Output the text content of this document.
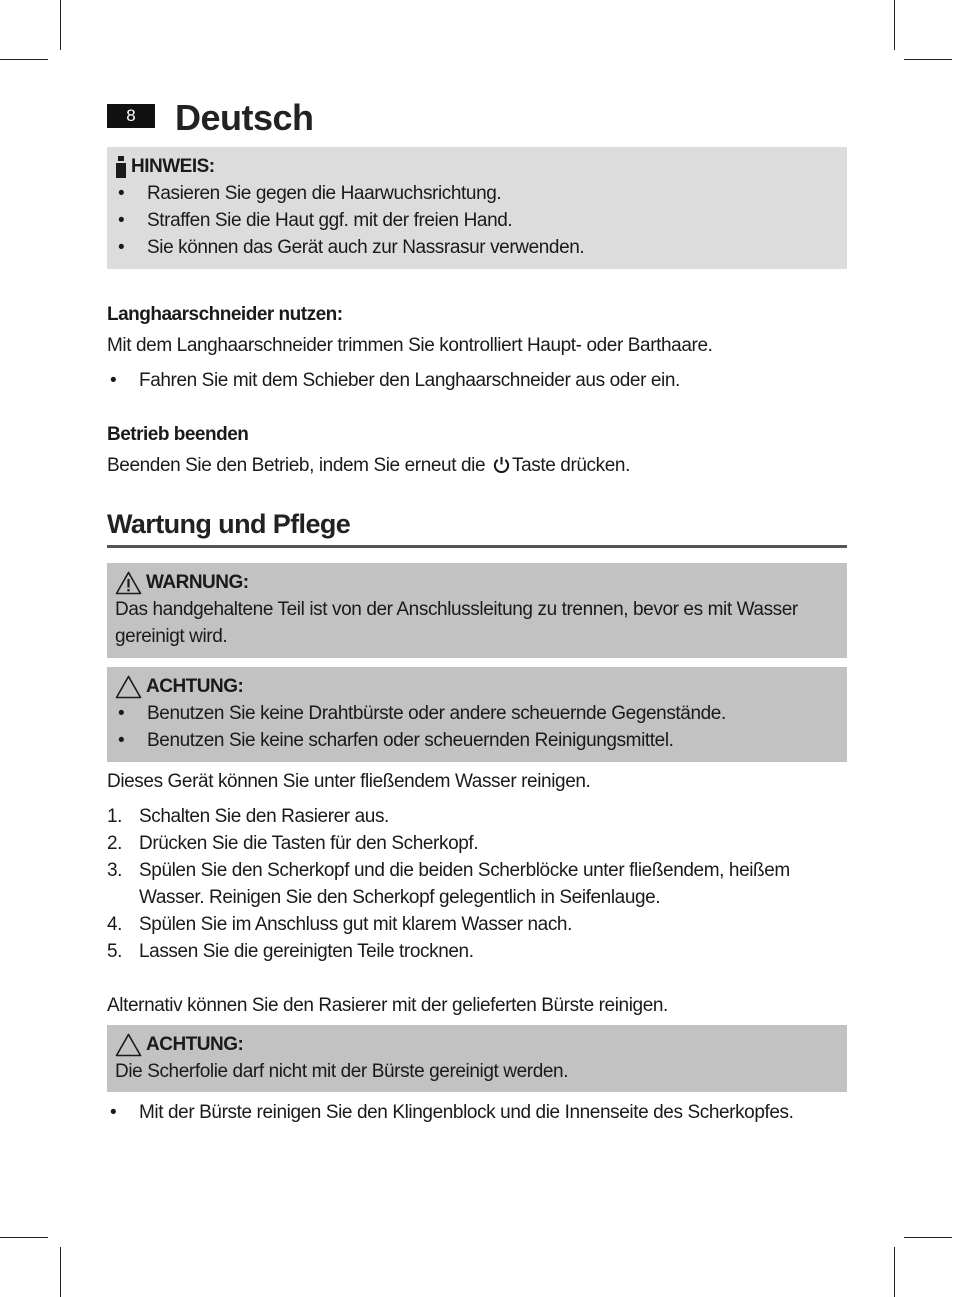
8	Deutsch
HINWEIS:
• Rasieren Sie gegen die Haarwuchsrichtung.
• Straffen Sie die Haut ggf. mit der freien Hand.
• Sie können das Gerät auch zur Nassrasur verwenden.
Langhaarschneider nutzen:
Mit dem Langhaarschneider trimmen Sie kontrolliert Haupt- oder Barthaare.
• Fahren Sie mit dem Schieber den Langhaarschneider aus oder ein.
Betrieb beenden
Beenden Sie den Betrieb, indem Sie erneut die Taste drücken.
Wartung und Pflege
WARNUNG:
Das handgehaltene Teil ist von der Anschlussleitung zu trennen, bevor es mit Wasser gereinigt wird.
ACHTUNG:
• Benutzen Sie keine Drahtbürste oder andere scheuernde Gegenstände.
• Benutzen Sie keine scharfen oder scheuernden Reinigungsmittel.
Dieses Gerät können Sie unter fließendem Wasser reinigen.
1. Schalten Sie den Rasierer aus.
2. Drücken Sie die Tasten für den Scherkopf.
3. Spülen Sie den Scherkopf und die beiden Scherblöcke unter fließendem, heißem Wasser. Reinigen Sie den Scherkopf gelegentlich in Seifenlauge.
4. Spülen Sie im Anschluss gut mit klarem Wasser nach.
5. Lassen Sie die gereinigten Teile trocknen.
Alternativ können Sie den Rasierer mit der gelieferten Bürste reinigen.
ACHTUNG:
Die Scherfolie darf nicht mit der Bürste gereinigt werden.
• Mit der Bürste reinigen Sie den Klingenblock und die Innenseite des Scherkopfes.
